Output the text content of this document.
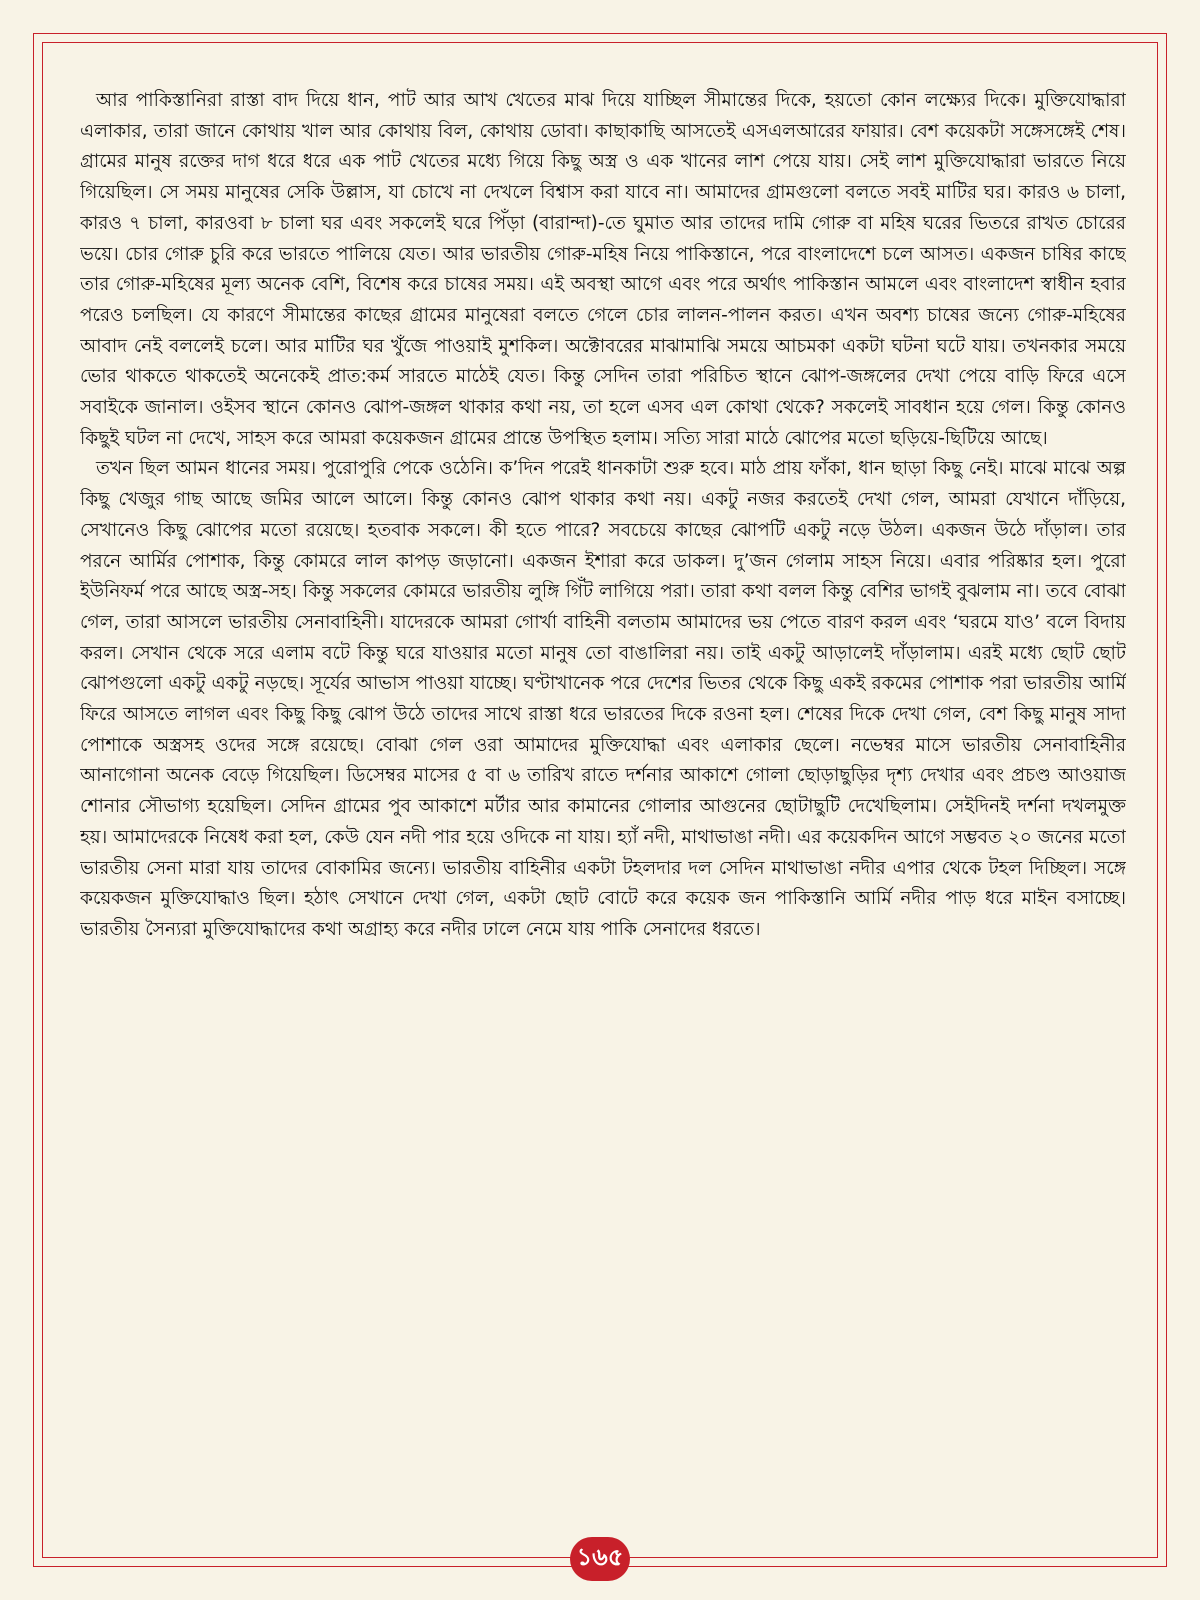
আর পাকিস্তানিরা রাস্তা বাদ দিয়ে ধান, পাট আর আখ খেতের মাঝ দিয়ে যাচ্ছিল সীমান্তের দিকে, হয়তো কোন লক্ষ্যের দিকে। মুক্তিযোদ্ধারা এলাকার, তারা জানে কোথায় খাল আর কোথায় বিল, কোথায় ডোবা। কাছাকাছি আসতেই এসএলআরের ফায়ার। বেশ কয়েকটা সঙ্গেসঙ্গেই শেষ। গ্রামের মানুষ রক্তের দাগ ধরে ধরে এক পাট খেতের মধ্যে গিয়ে কিছু অস্ত্র ও এক খানের লাশ পেয়ে যায়। সেই লাশ মুক্তিযোদ্ধারা ভারতে নিয়ে গিয়েছিল। সে সময় মানুষের সেকি উল্লাস, যা চোখে না দেখলে বিশ্বাস করা যাবে না। আমাদের গ্রামগুলো বলতে সবই মাটির ঘর। কারও ৬ চালা, কারও ৭ চালা, কারওবা ৮ চালা ঘর এবং সকলেই ঘরে পিঁড়া (বারান্দা)-তে ঘুমাত আর তাদের দামি গোরু বা মহিষ ঘরের ভিতরে রাখত চোরের ভয়ে। চোর গোরু চুরি করে ভারতে পালিয়ে যেত। আর ভারতীয় গোরু-মহিষ নিয়ে পাকিস্তানে, পরে বাংলাদেশে চলে আসত। একজন চাষির কাছে তার গোরু-মহিষের মূল্য অনেক বেশি, বিশেষ করে চাষের সময়। এই অবস্থা আগে এবং পরে অর্থাৎ পাকিস্তান আমলে এবং বাংলাদেশ স্বাধীন হবার পরেও চলছিল। যে কারণে সীমান্তের কাছের গ্রামের মানুষেরা বলতে গেলে চোর লালন-পালন করত। এখন অবশ্য চাষের জন্যে গোরু-মহিষের আবাদ নেই বললেই চলে। আর মাটির ঘর খুঁজে পাওয়াই মুশকিল। অক্টোবরের মাঝামাঝি সময়ে আচমকা একটা ঘটনা ঘটে যায়। তখনকার সময়ে ভোর থাকতে থাকতেই অনেকেই প্রাত:কর্ম সারতে মাঠেই যেত। কিন্তু সেদিন তারা পরিচিত স্থানে ঝোপ-জঙ্গলের দেখা পেয়ে বাড়ি ফিরে এসে সবাইকে জানাল। ওইসব স্থানে কোনও ঝোপ-জঙ্গল থাকার কথা নয়, তা হলে এসব এল কোথা থেকে? সকলেই সাবধান হয়ে গেল। কিন্তু কোনও কিছুই ঘটল না দেখে, সাহস করে আমরা কয়েকজন গ্রামের প্রান্তে উপস্থিত হলাম। সত্যি সারা মাঠে ঝোপের মতো ছড়িয়ে-ছিটিয়ে আছে।

তখন ছিল আমন ধানের সময়। পুরোপুরি পেকে ওঠেনি। ক’দিন পরেই ধানকাটা শুরু হবে। মাঠ প্রায় ফাঁকা, ধান ছাড়া কিছু নেই। মাঝে মাঝে অল্প কিছু খেজুর গাছ আছে জমির আলে আলে। কিন্তু কোনও ঝোপ থাকার কথা নয়। একটু নজর করতেই দেখা গেল, আমরা যেখানে দাঁড়িয়ে, সেখানেও কিছু ঝোপের মতো রয়েছে। হতবাক সকলে। কী হতে পারে? সবচেয়ে কাছের ঝোপটি একটু নড়ে উঠল। একজন উঠে দাঁড়াল। তার পরনে আর্মির পোশাক, কিন্তু কোমরে লাল কাপড় জড়ানো। একজন ইশারা করে ডাকল। দু’জন গেলাম সাহস নিয়ে। এবার পরিষ্কার হল। পুরো ইউনিফর্ম পরে আছে অস্ত্র-সহ। কিন্তু সকলের কোমরে ভারতীয় লুঙ্গি গিঁট লাগিয়ে পরা। তারা কথা বলল কিন্তু বেশির ভাগই বুঝলাম না। তবে বোঝা গেল, তারা আসলে ভারতীয় সেনাবাহিনী। যাদেরকে আমরা গোর্খা বাহিনী বলতাম আমাদের ভয় পেতে বারণ করল এবং ‘ঘরমে যাও’ বলে বিদায় করল। সেখান থেকে সরে এলাম বটে কিন্তু ঘরে যাওয়ার মতো মানুষ তো বাঙালিরা নয়। তাই একটু আড়ালেই দাঁড়ালাম। এরই মধ্যে ছোট ছোট ঝোপগুলো একটু একটু নড়ছে। সূর্যের আভাস পাওয়া যাচ্ছে। ঘণ্টাখানেক পরে দেশের ভিতর থেকে কিছু একই রকমের পোশাক পরা ভারতীয় আর্মি ফিরে আসতে লাগল এবং কিছু কিছু ঝোপ উঠে তাদের সাথে রাস্তা ধরে ভারতের দিকে রওনা হল। শেষের দিকে দেখা গেল, বেশ কিছু মানুষ সাদা পোশাকে অস্ত্রসহ ওদের সঙ্গে রয়েছে। বোঝা গেল ওরা আমাদের মুক্তিযোদ্ধা এবং এলাকার ছেলে। নভেম্বর মাসে ভারতীয় সেনাবাহিনীর আনাগোনা অনেক বেড়ে গিয়েছিল। ডিসেম্বর মাসের ৫ বা ৬ তারিখ রাতে দর্শনার আকাশে গোলা ছোড়াছুড়ির দৃশ্য দেখার এবং প্রচণ্ড আওয়াজ শোনার সৌভাগ্য হয়েছিল। সেদিন গ্রামের পুব আকাশে মর্টার আর কামানের গোলার আগুনের ছোটাছুটি দেখেছিলাম। সেইদিনই দর্শনা দখলমুক্ত হয়। আমাদেরকে নিষেধ করা হল, কেউ যেন নদী পার হয়ে ওদিকে না যায়। হ্যাঁ নদী, মাথাভাঙা নদী। এর কয়েকদিন আগে সম্ভবত ২০ জনের মতো ভারতীয় সেনা মারা যায় তাদের বোকামির জন্যে। ভারতীয় বাহিনীর একটা টহলদার দল সেদিন মাথাভাঙা নদীর এপার থেকে টহল দিচ্ছিল। সঙ্গে কয়েকজন মুক্তিযোদ্ধাও ছিল। হঠাৎ সেখানে দেখা গেল, একটা ছোট বোটে করে কয়েক জন পাকিস্তানি আর্মি নদীর পাড় ধরে মাইন বসাচ্ছে। ভারতীয় সৈন্যরা মুক্তিযোদ্ধাদের কথা অগ্রাহ্য করে নদীর ঢালে নেমে যায় পাকি সেনাদের ধরতে।

১৬৫
